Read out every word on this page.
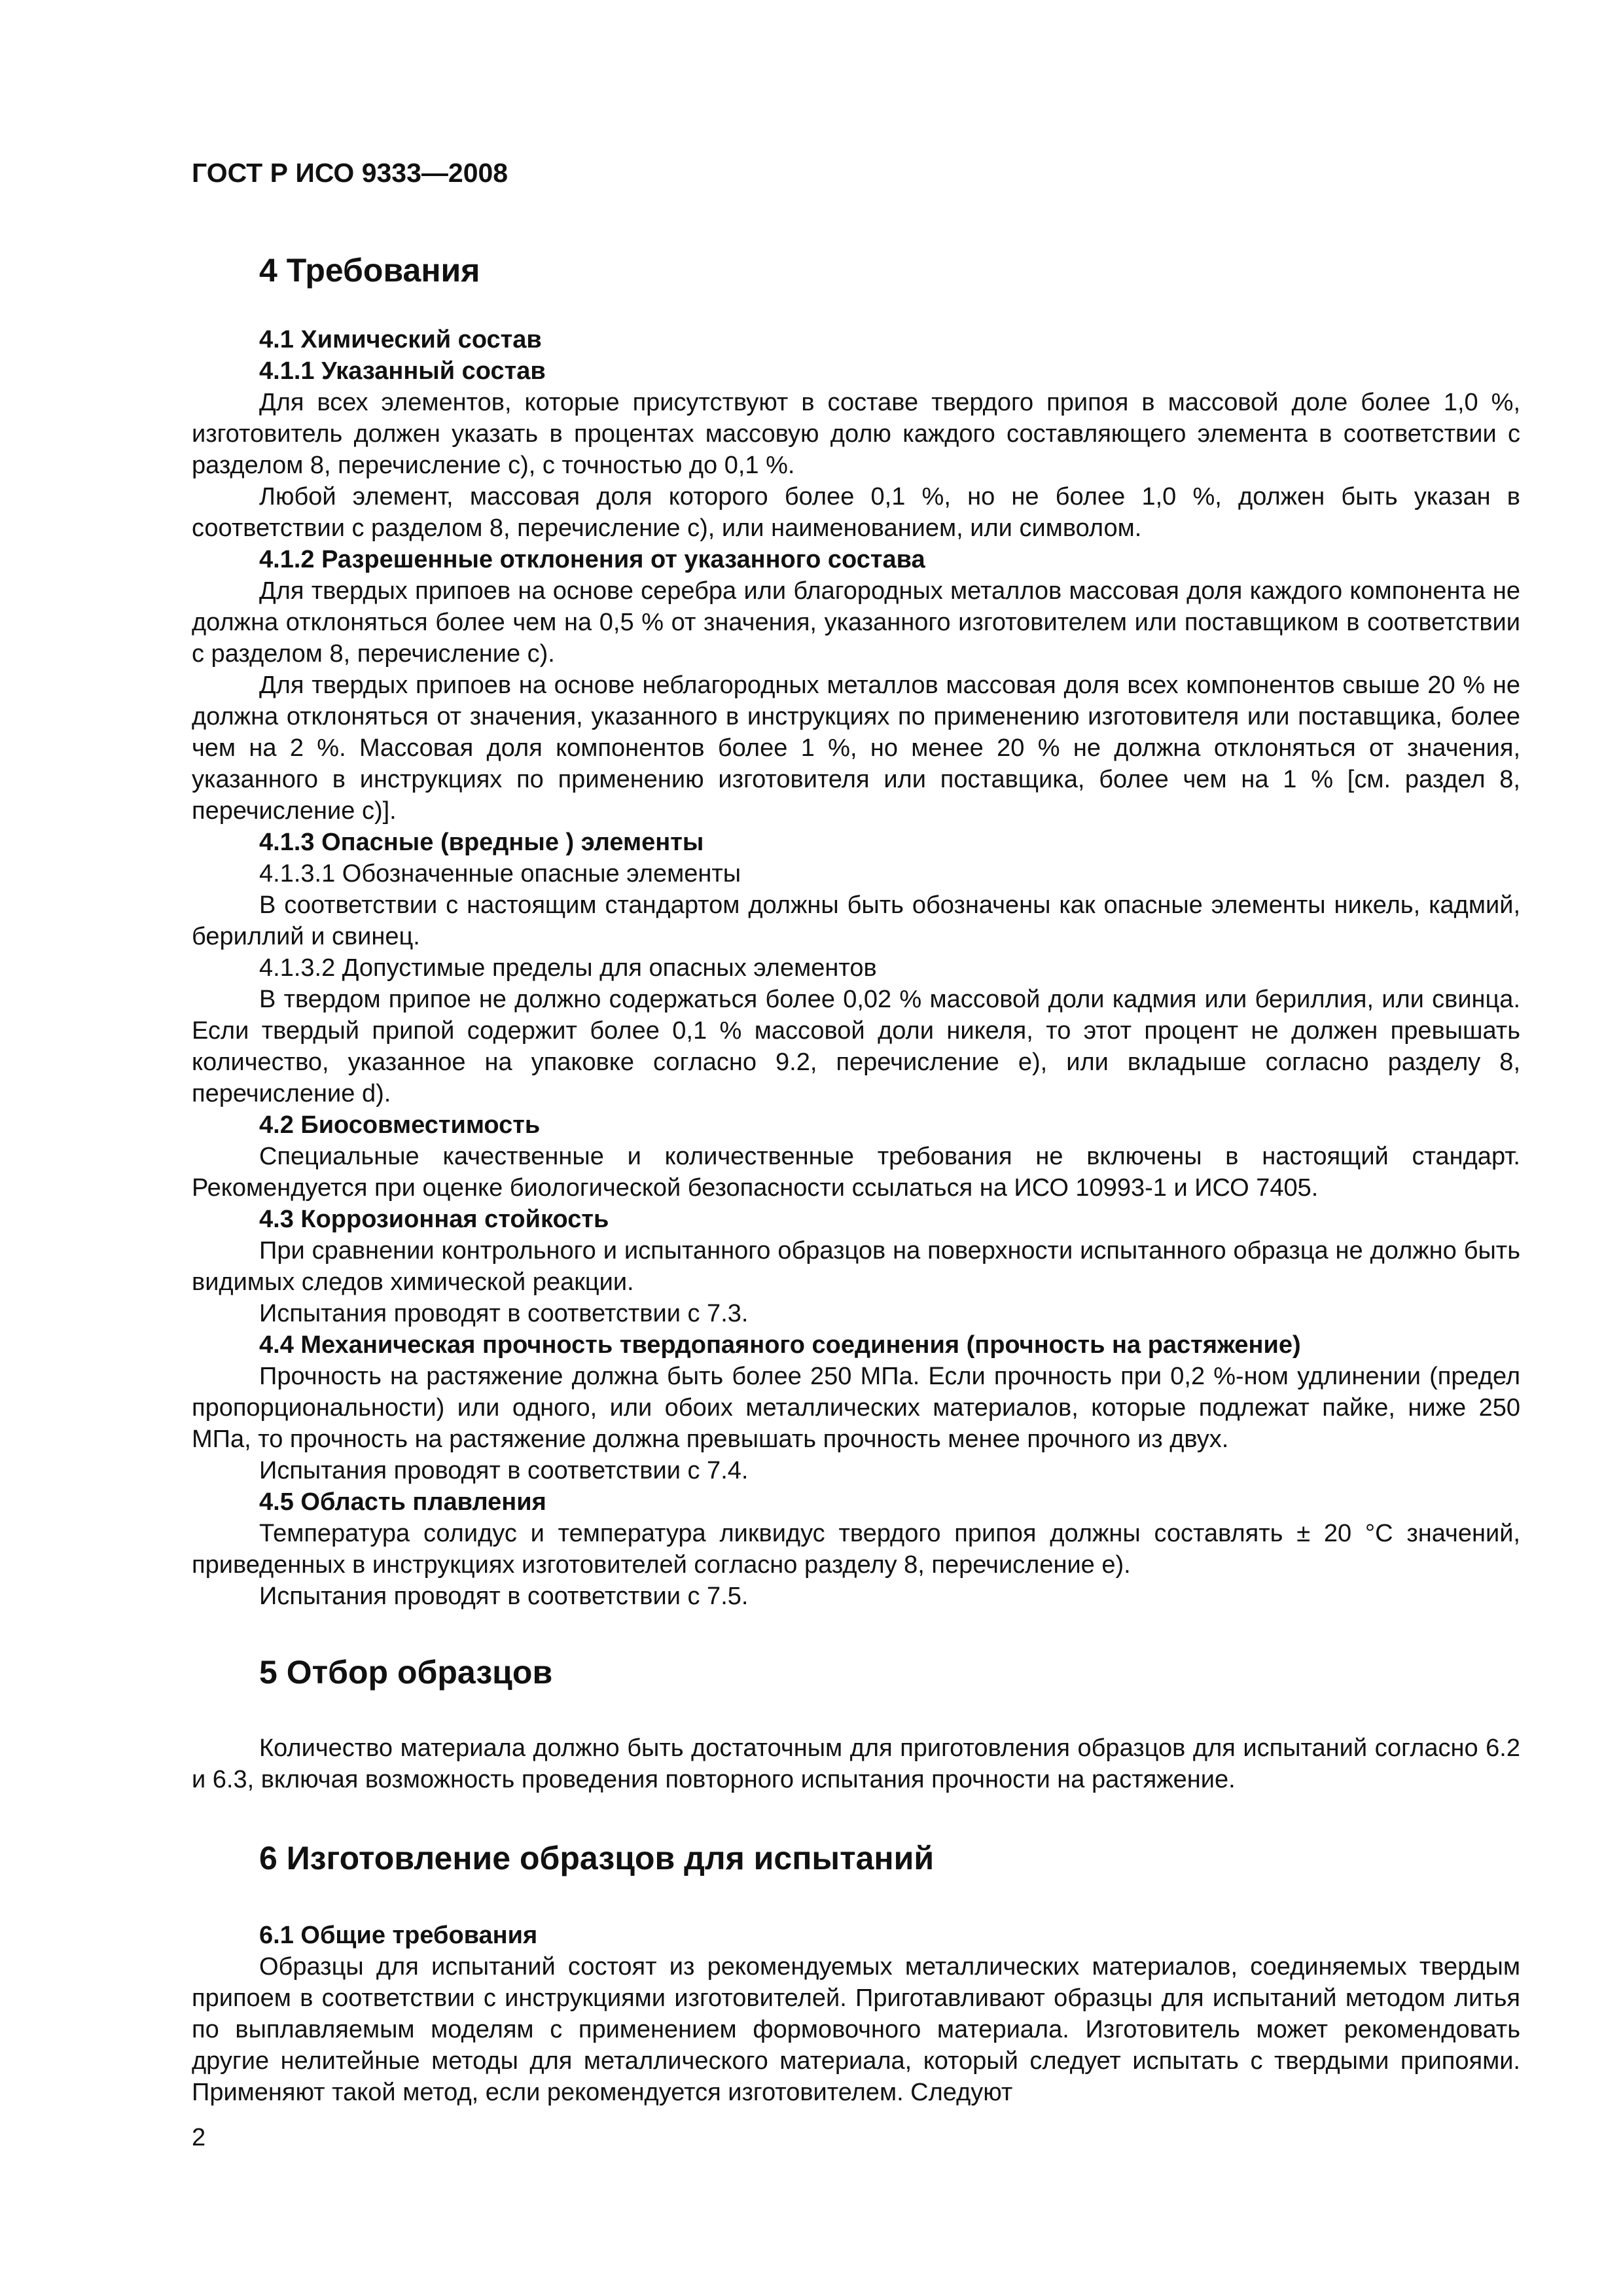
ГОСТ Р ИСО 9333—2008
4 Требования
4.1 Химический состав
4.1.1 Указанный состав

Для всех элементов, которые присутствуют в составе твердого припоя в массовой доле более 1,0 %, изготовитель должен указать в процентах массовую долю каждого составляющего элемента в соответствии с разделом 8, перечисление с), с точностью до 0,1 %.

Любой элемент, массовая доля которого более 0,1 %, но не более 1,0 %, должен быть указан в соответствии с разделом 8, перечисление с), или наименованием, или символом.

4.1.2 Разрешенные отклонения от указанного состава

Для твердых припоев на основе серебра или благородных металлов массовая доля каждого компонента не должна отклоняться более чем на 0,5 % от значения, указанного изготовителем или поставщиком в соответствии с разделом 8, перечисление с).

Для твердых припоев на основе неблагородных металлов массовая доля всех компонентов свыше 20 % не должна отклоняться от значения, указанного в инструкциях по применению изготовителя или поставщика, более чем на 2 %. Массовая доля компонентов более 1 %, но менее 20 % не должна отклоняться от значения, указанного в инструкциях по применению изготовителя или поставщика, более чем на 1 % [см. раздел 8, перечисление с)].

4.1.3 Опасные (вредные ) элементы
4.1.3.1 Обозначенные опасные элементы

В соответствии с настоящим стандартом должны быть обозначены как опасные элементы никель, кадмий, бериллий и свинец.

4.1.3.2 Допустимые пределы для опасных элементов

В твердом припое не должно содержаться более 0,02 % массовой доли кадмия или бериллия, или свинца. Если твердый припой содержит более 0,1 % массовой доли никеля, то этот процент не должен превышать количество, указанное на упаковке согласно 9.2, перечисление е), или вкладыше согласно разделу 8, перечисление d).

4.2 Биосовместимость

Специальные качественные и количественные требования не включены в настоящий стандарт. Рекомендуется при оценке биологической безопасности ссылаться на ИСО 10993-1 и ИСО 7405.

4.3 Коррозионная стойкость

При сравнении контрольного и испытанного образцов на поверхности испытанного образца не должно быть видимых следов химической реакции.

Испытания проводят в соответствии с 7.3.

4.4 Механическая прочность твердопаяного соединения (прочность на растяжение)

Прочность на растяжение должна быть более 250 МПа. Если прочность при 0,2 %-ном удлинении (предел пропорциональности) или одного, или обоих металлических материалов, которые подлежат пайке, ниже 250 МПа, то прочность на растяжение должна превышать прочность менее прочного из двух.

Испытания проводят в соответствии с 7.4.

4.5 Область плавления

Температура солидус и температура ликвидус твердого припоя должны составлять ± 20 °С значений, приведенных в инструкциях изготовителей согласно разделу 8, перечисление е).

Испытания проводят в соответствии с 7.5.

5 Отбор образцов

Количество материала должно быть достаточным для приготовления образцов для испытаний согласно 6.2 и 6.3, включая возможность проведения повторного испытания прочности на растяжение.

6 Изготовление образцов для испытаний
6.1 Общие требования

Образцы для испытаний состоят из рекомендуемых металлических материалов, соединяемых твердым припоем в соответствии с инструкциями изготовителей. Приготавливают образцы для испытаний методом литья по выплавляемым моделям с применением формовочного материала. Изготовитель может рекомендовать другие нелитейные методы для металлического материала, который следует испытать с твердыми припоями. Применяют такой метод, если рекомендуется изготовителем. Следуют

2
